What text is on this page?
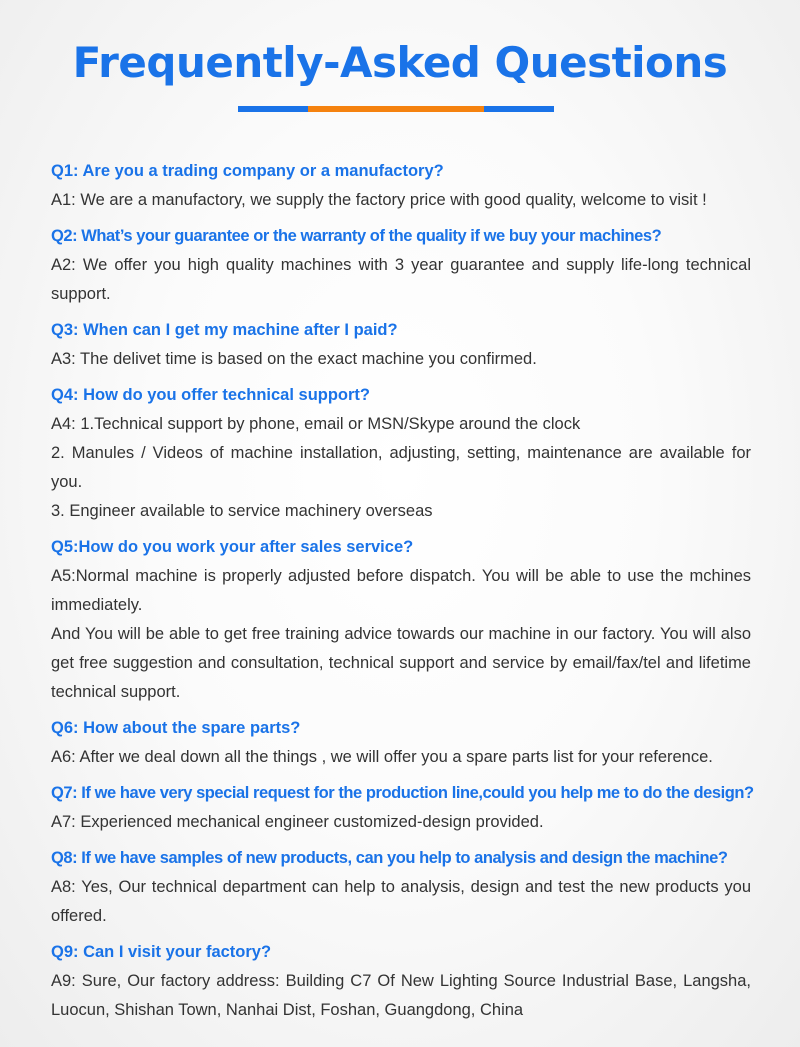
Frequently-Asked Questions

Q1: Are you a trading company or a manufactory?

A1: We are a manufactory, we supply the factory price with good quality, welcome to visit !

Q2: What’s your guarantee or the warranty of the quality if we buy your machines?

A2: We offer you high quality machines with 3 year guarantee and supply life-long technical support.

Q3: When can I get my machine after I paid?

A3: The delivet time is based on the exact machine you confirmed.

Q4: How do you offer technical support?

A4: 1.Technical support by phone, email or MSN/Skype around the clock
2. Manules / Videos of machine installation, adjusting, setting, maintenance are available for you.
3. Engineer available to service machinery overseas

Q5:How do you work your after sales service?

A5:Normal machine is properly adjusted before dispatch. You will be able to use the mchines immediately.
And You will be able to get free training advice towards our machine in our factory. You will also get free suggestion and consultation, technical support and service by email/fax/tel and lifetime technical support.

Q6: How about the spare parts?

A6: After we deal down all the things , we will offer you a spare parts list for your reference.

Q7: If we have very special request for the production line,could you help me to do the design?

A7: Experienced mechanical engineer customized-design provided.

Q8: If we have samples of new products, can you help to analysis and design the machine?

A8: Yes, Our technical department can help to analysis, design and test the new products you offered.

Q9: Can I visit your factory?

A9: Sure, Our factory address: Building C7 Of New Lighting Source Industrial Base, Langsha, Luocun, Shishan Town, Nanhai Dist, Foshan, Guangdong, China
